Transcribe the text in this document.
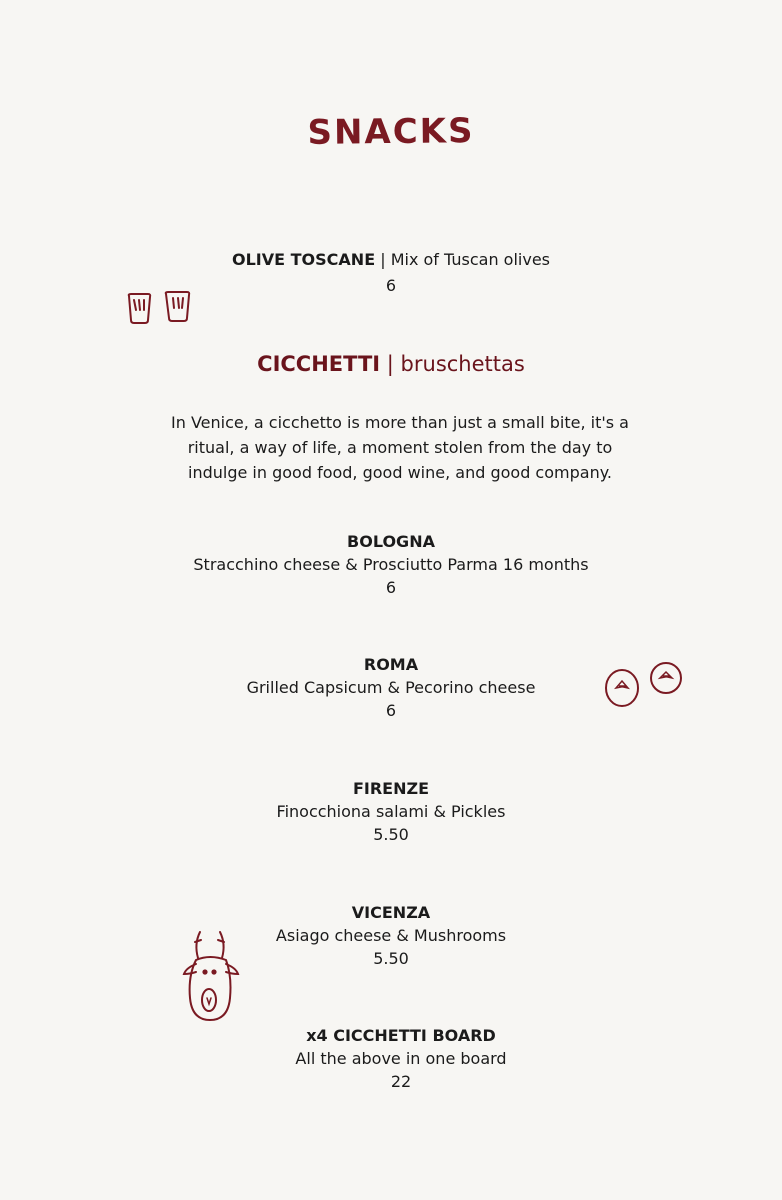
SNACKS
OLIVE TOSCANE | Mix of Tuscan olives
6
CICCHETTI | bruschettas
In Venice, a cicchetto is more than just a small bite, it's a ritual, a way of life, a moment stolen from the day to indulge in good food, good wine, and good company.
BOLOGNA
Stracchino cheese & Prosciutto Parma 16 months
6
ROMA
Grilled Capsicum & Pecorino cheese
6
FIRENZE
Finocchiona salami & Pickles
5.50
VICENZA
Asiago cheese & Mushrooms
5.50
x4 CICCHETTI BOARD
All the above in one board
22
